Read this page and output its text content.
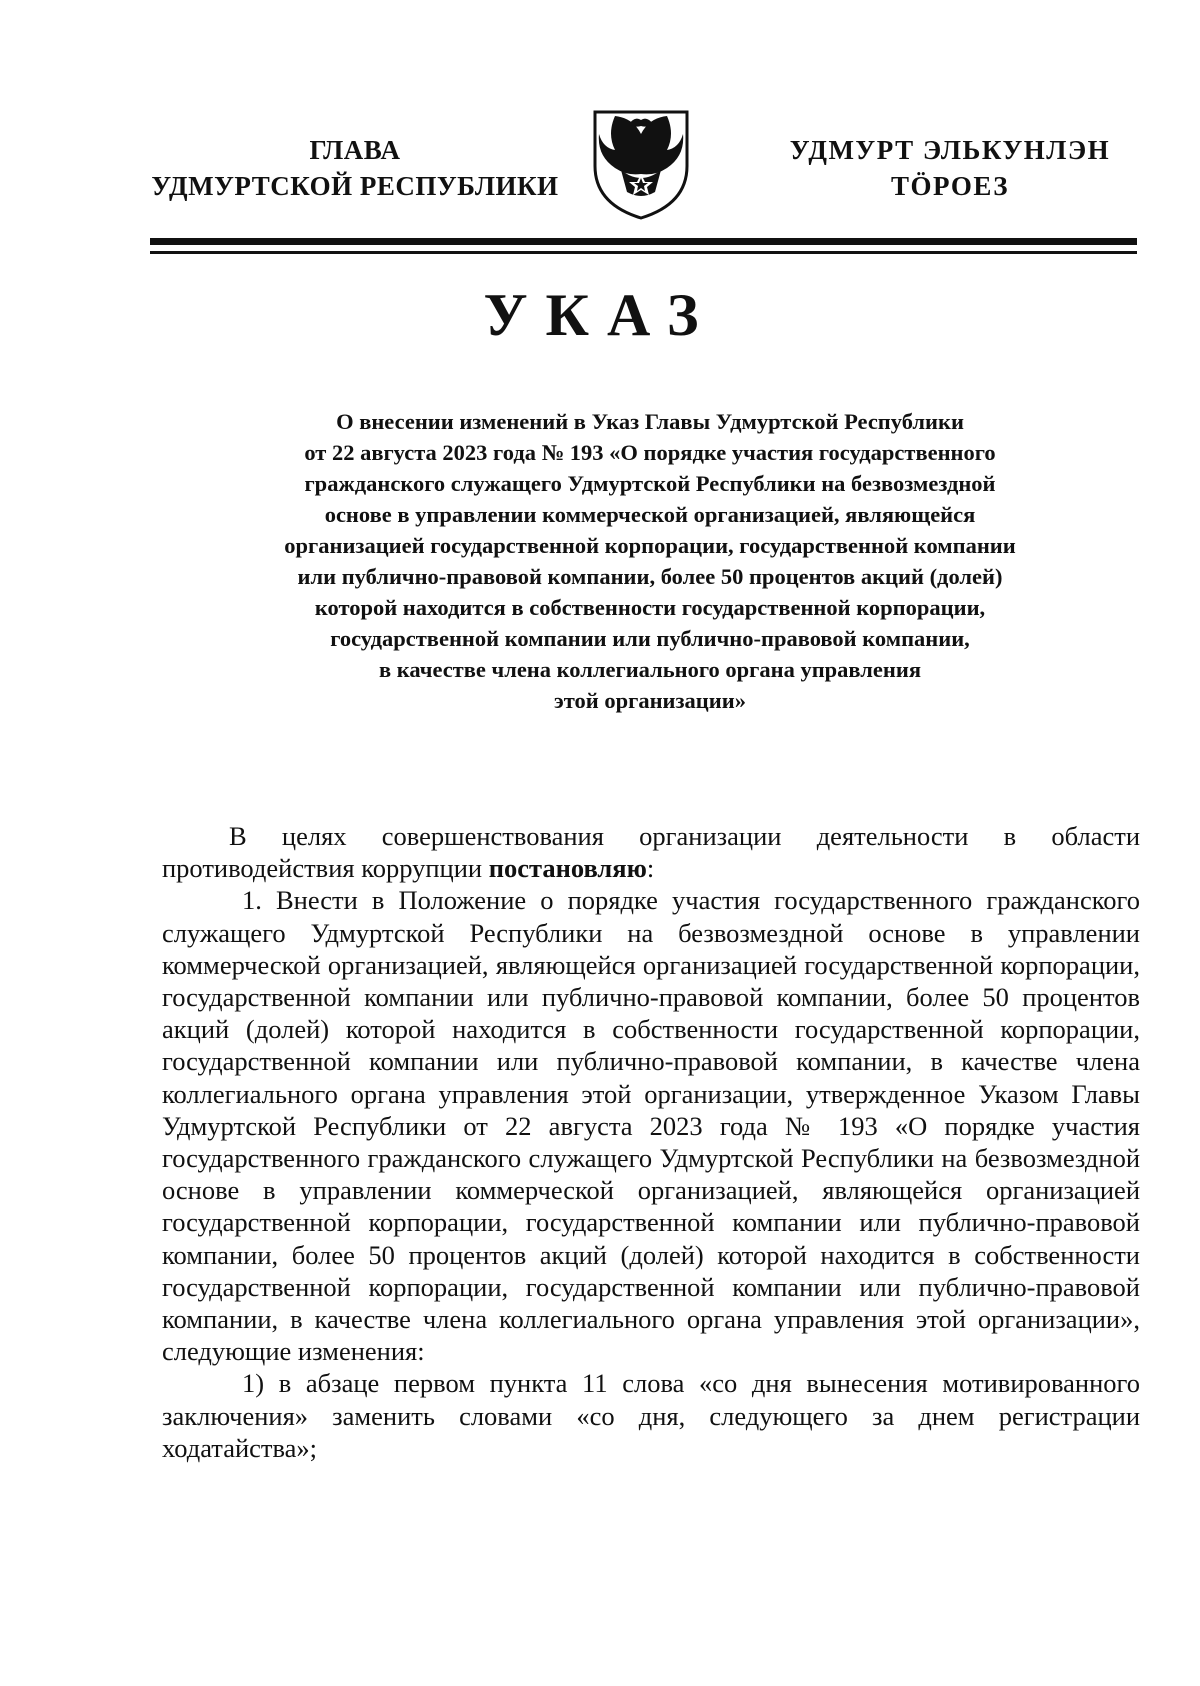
ГЛАВА
УДМУРТСКОЙ РЕСПУБЛИКИ
УДМУРТ ЭЛЬКУНЛЭН
ТӦРОЕЗ
УКАЗ
О внесении изменений в Указ Главы Удмуртской Республики
от 22 августа 2023 года № 193 «О порядке участия государственного
гражданского служащего Удмуртской Республики на безвозмездной
основе в управлении коммерческой организацией, являющейся
организацией государственной корпорации, государственной компании
или публично-правовой компании, более 50 процентов акций (долей)
которой находится в собственности государственной корпорации,
государственной компании или публично-правовой компании,
в качестве члена коллегиального органа управления
этой организации»

В целях совершенствования организации деятельности в области противодействия коррупции постановляю:

1. Внести в Положение о порядке участия государственного гражданского служащего Удмуртской Республики на безвозмездной основе в управлении коммерческой организацией, являющейся организацией государственной корпорации, государственной компании или публично-правовой компании, более 50 процентов акций (долей) которой находится в собственности государственной корпорации, государственной компании или публично-правовой компании, в качестве члена коллегиального органа управления этой организации, утвержденное Указом Главы Удмуртской Республики от 22 августа 2023 года № 193 «О порядке участия государственного гражданского служащего Удмуртской Республики на безвозмездной основе в управлении коммерческой организацией, являющейся организацией государственной корпорации, государственной компании или публично-правовой компании, более 50 процентов акций (долей) которой находится в собственности государственной корпорации, государственной компании или публично-правовой компании, в качестве члена коллегиального органа управления этой организации», следующие изменения:

1) в абзаце первом пункта 11 слова «со дня вынесения мотивированного заключения» заменить словами «со дня, следующего за днем регистрации ходатайства»;
